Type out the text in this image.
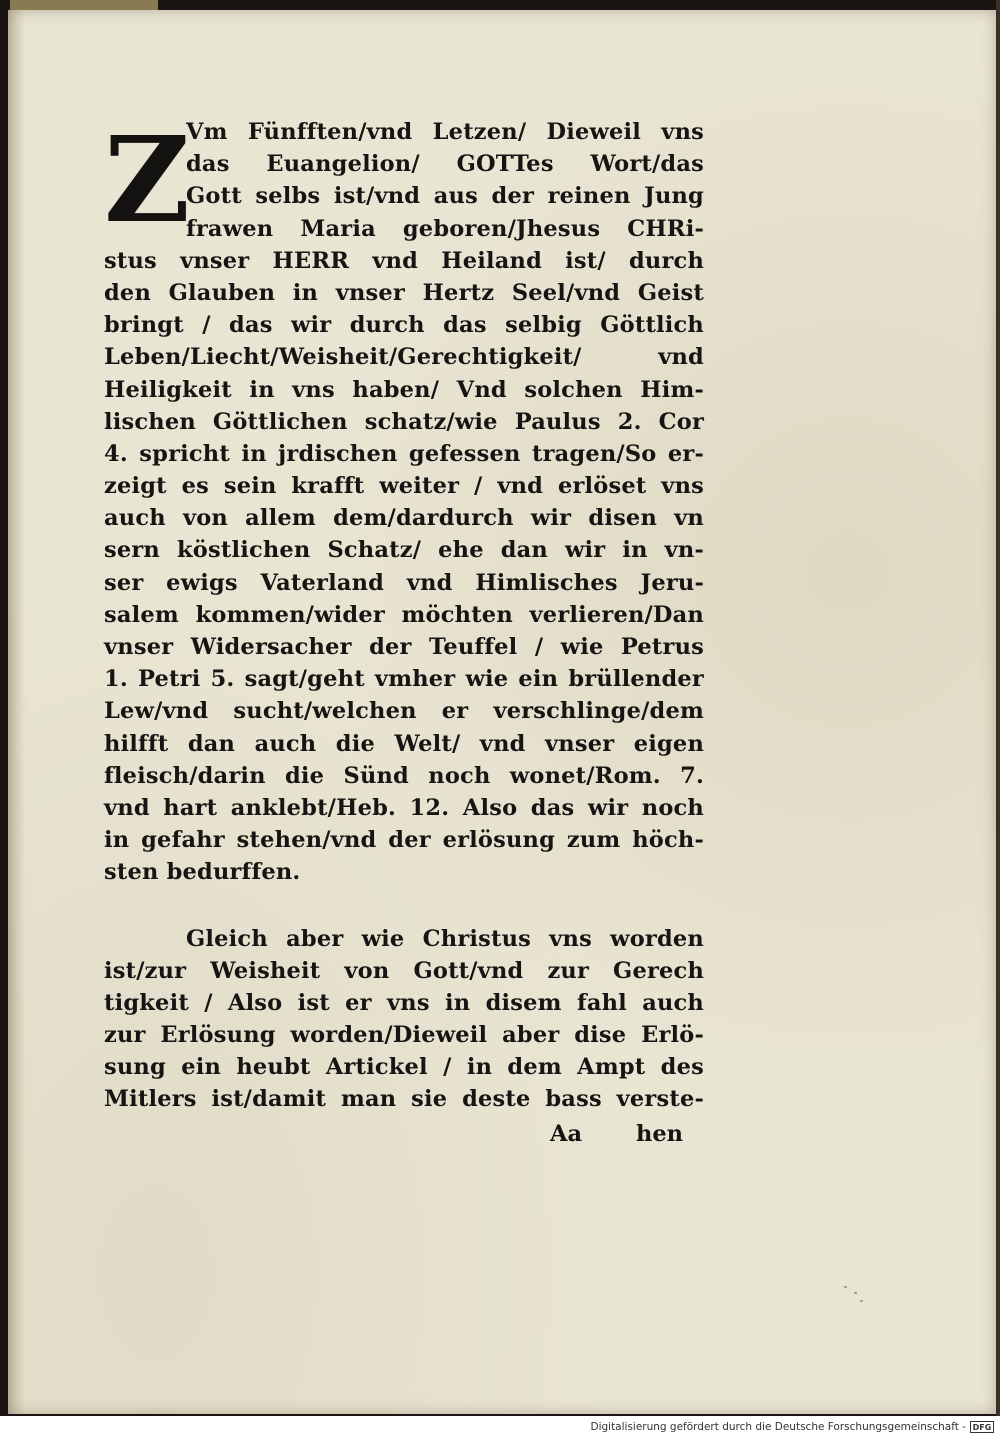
Z
Vm Fünfften/vnd Letzen/ Dieweil vns
das Euangelion/ GOTTes Wort/das
Gott selbs ist/vnd aus der reinen Jung
frawen Maria geboren/Jhesus CHRi-
stus vnser HERR vnd Heiland ist/ durch
den Glauben in vnser Hertz Seel/vnd Geist
bringt / das wir durch das selbig Göttlich
Leben/Liecht/Weisheit/Gerechtigkeit/ vnd
Heiligkeit in vns haben/ Vnd solchen Him-
lischen Göttlichen schatz/wie Paulus 2. Cor
4. spricht in jrdischen gefessen tragen/So er-
zeigt es sein krafft weiter / vnd erlöset vns
auch von allem dem/dardurch wir disen vn
sern köstlichen Schatz/ ehe dan wir in vn-
ser ewigs Vaterland vnd Himlisches Jeru-
salem kommen/wider möchten verlieren/Dan
vnser Widersacher der Teuffel / wie Petrus
1. Petri 5. sagt/geht vmher wie ein brüllender
Lew/vnd sucht/welchen er verschlinge/dem
hilfft dan auch die Welt/ vnd vnser eigen
fleisch/darin die Sünd noch wonet/Rom. 7.
vnd hart anklebt/Heb. 12. Also das wir noch
in gefahr stehen/vnd der erlösung zum höch-
sten bedurffen.
Gleich aber wie Christus vns worden
ist/zur Weisheit von Gott/vnd zur Gerech
tigkeit / Also ist er vns in disem fahl auch
zur Erlösung worden/Dieweil aber dise Erlö-
sung ein heubt Artickel / in dem Ampt des
Mitlers ist/damit man sie deste bass verste-
Aa hen
Digitalisierung gefördert durch die Deutsche Forschungsgemeinschaft - DFG
